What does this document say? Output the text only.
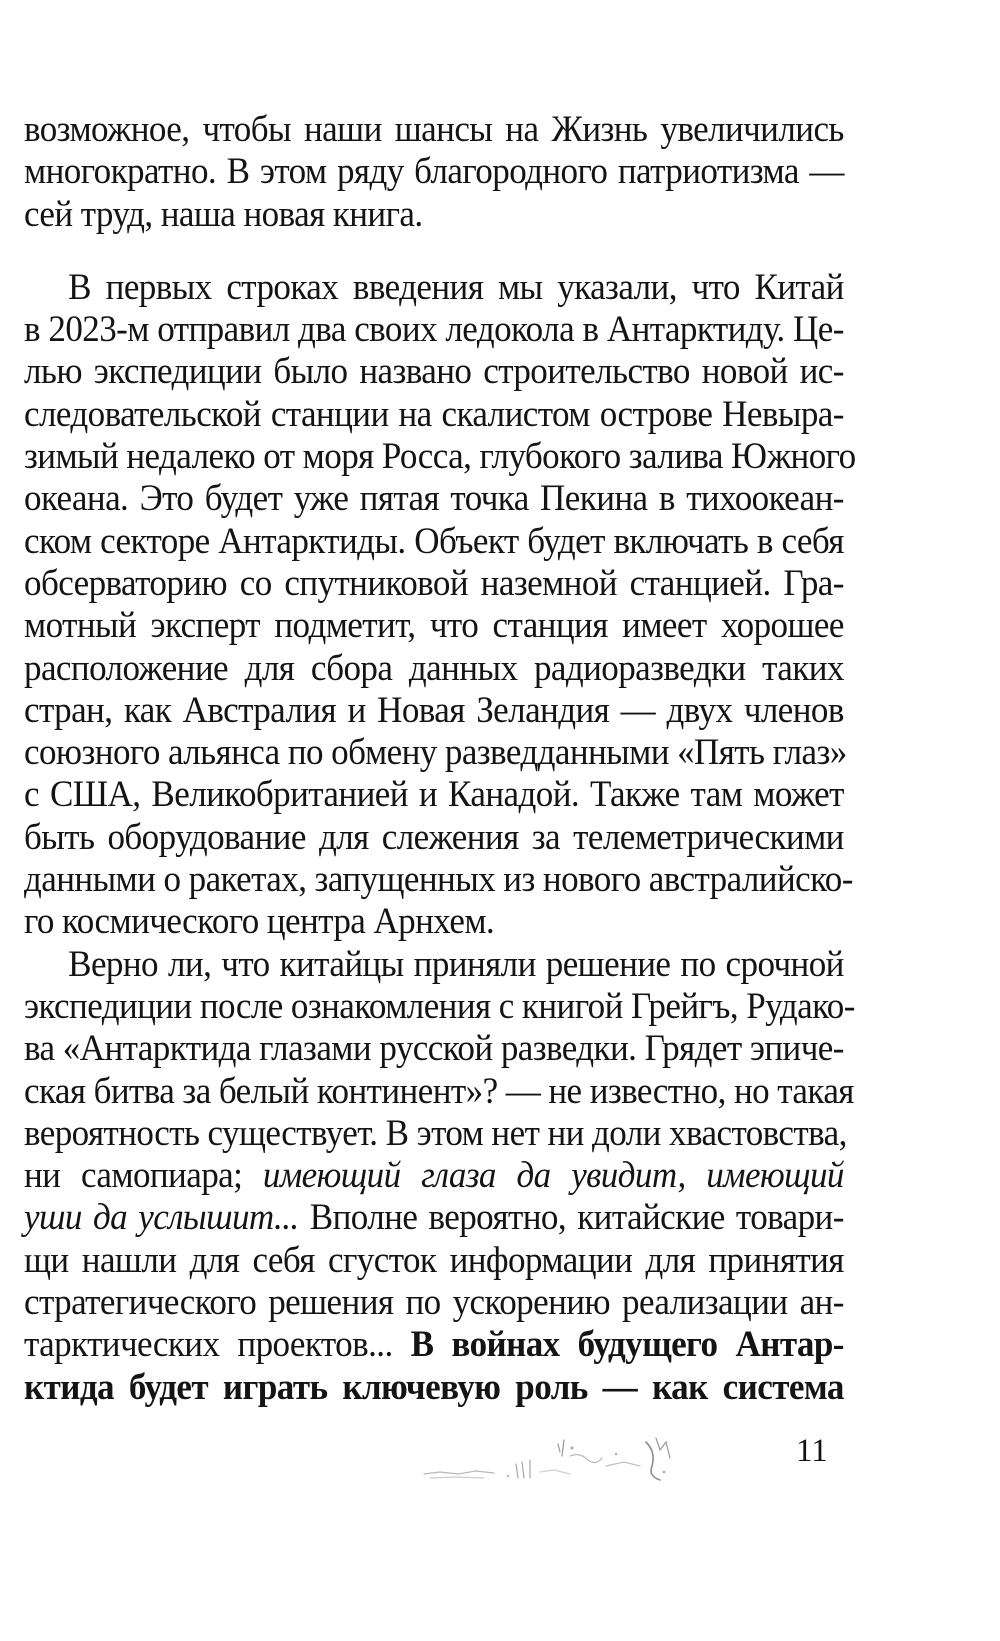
возможное, чтобы наши шансы на Жизнь увеличились
многократно. В этом ряду благородного патриотизма —
сей труд, наша новая книга.
В первых строках введения мы указали, что Китай
в 2023-м отправил два своих ледокола в Антарктиду. Це-
лью экспедиции было названо строительство новой ис-
следовательской станции на скалистом острове Невыра-
зимый недалеко от моря Росса, глубокого залива Южного
океана. Это будет уже пятая точка Пекина в тихоокеан-
ском секторе Антарктиды. Объект будет включать в себя
обсерваторию со спутниковой наземной станцией. Гра-
мотный эксперт подметит, что станция имеет хорошее
расположение для сбора данных радиоразведки таких
стран, как Австралия и Новая Зеландия — двух членов
союзного альянса по обмену разведданными «Пять глаз»
с США, Великобританией и Канадой. Также там может
быть оборудование для слежения за телеметрическими
данными о ракетах, запущенных из нового австралийско-
го космического центра Арнхем.
Верно ли, что китайцы приняли решение по срочной
экспедиции после ознакомления с книгой Грейгъ, Рудако-
ва «Антарктида глазами русской разведки. Грядет эпиче-
ская битва за белый континент»? — не известно, но такая
вероятность существует. В этом нет ни доли хвастовства,
ни самопиара; имеющий глаза да увидит, имеющий
уши да услышит... Вполне вероятно, китайские товари-
щи нашли для себя сгусток информации для принятия
стратегического решения по ускорению реализации ан-
тарктических проектов... В войнах будущего Антар-
ктида будет играть ключевую роль — как система
11
